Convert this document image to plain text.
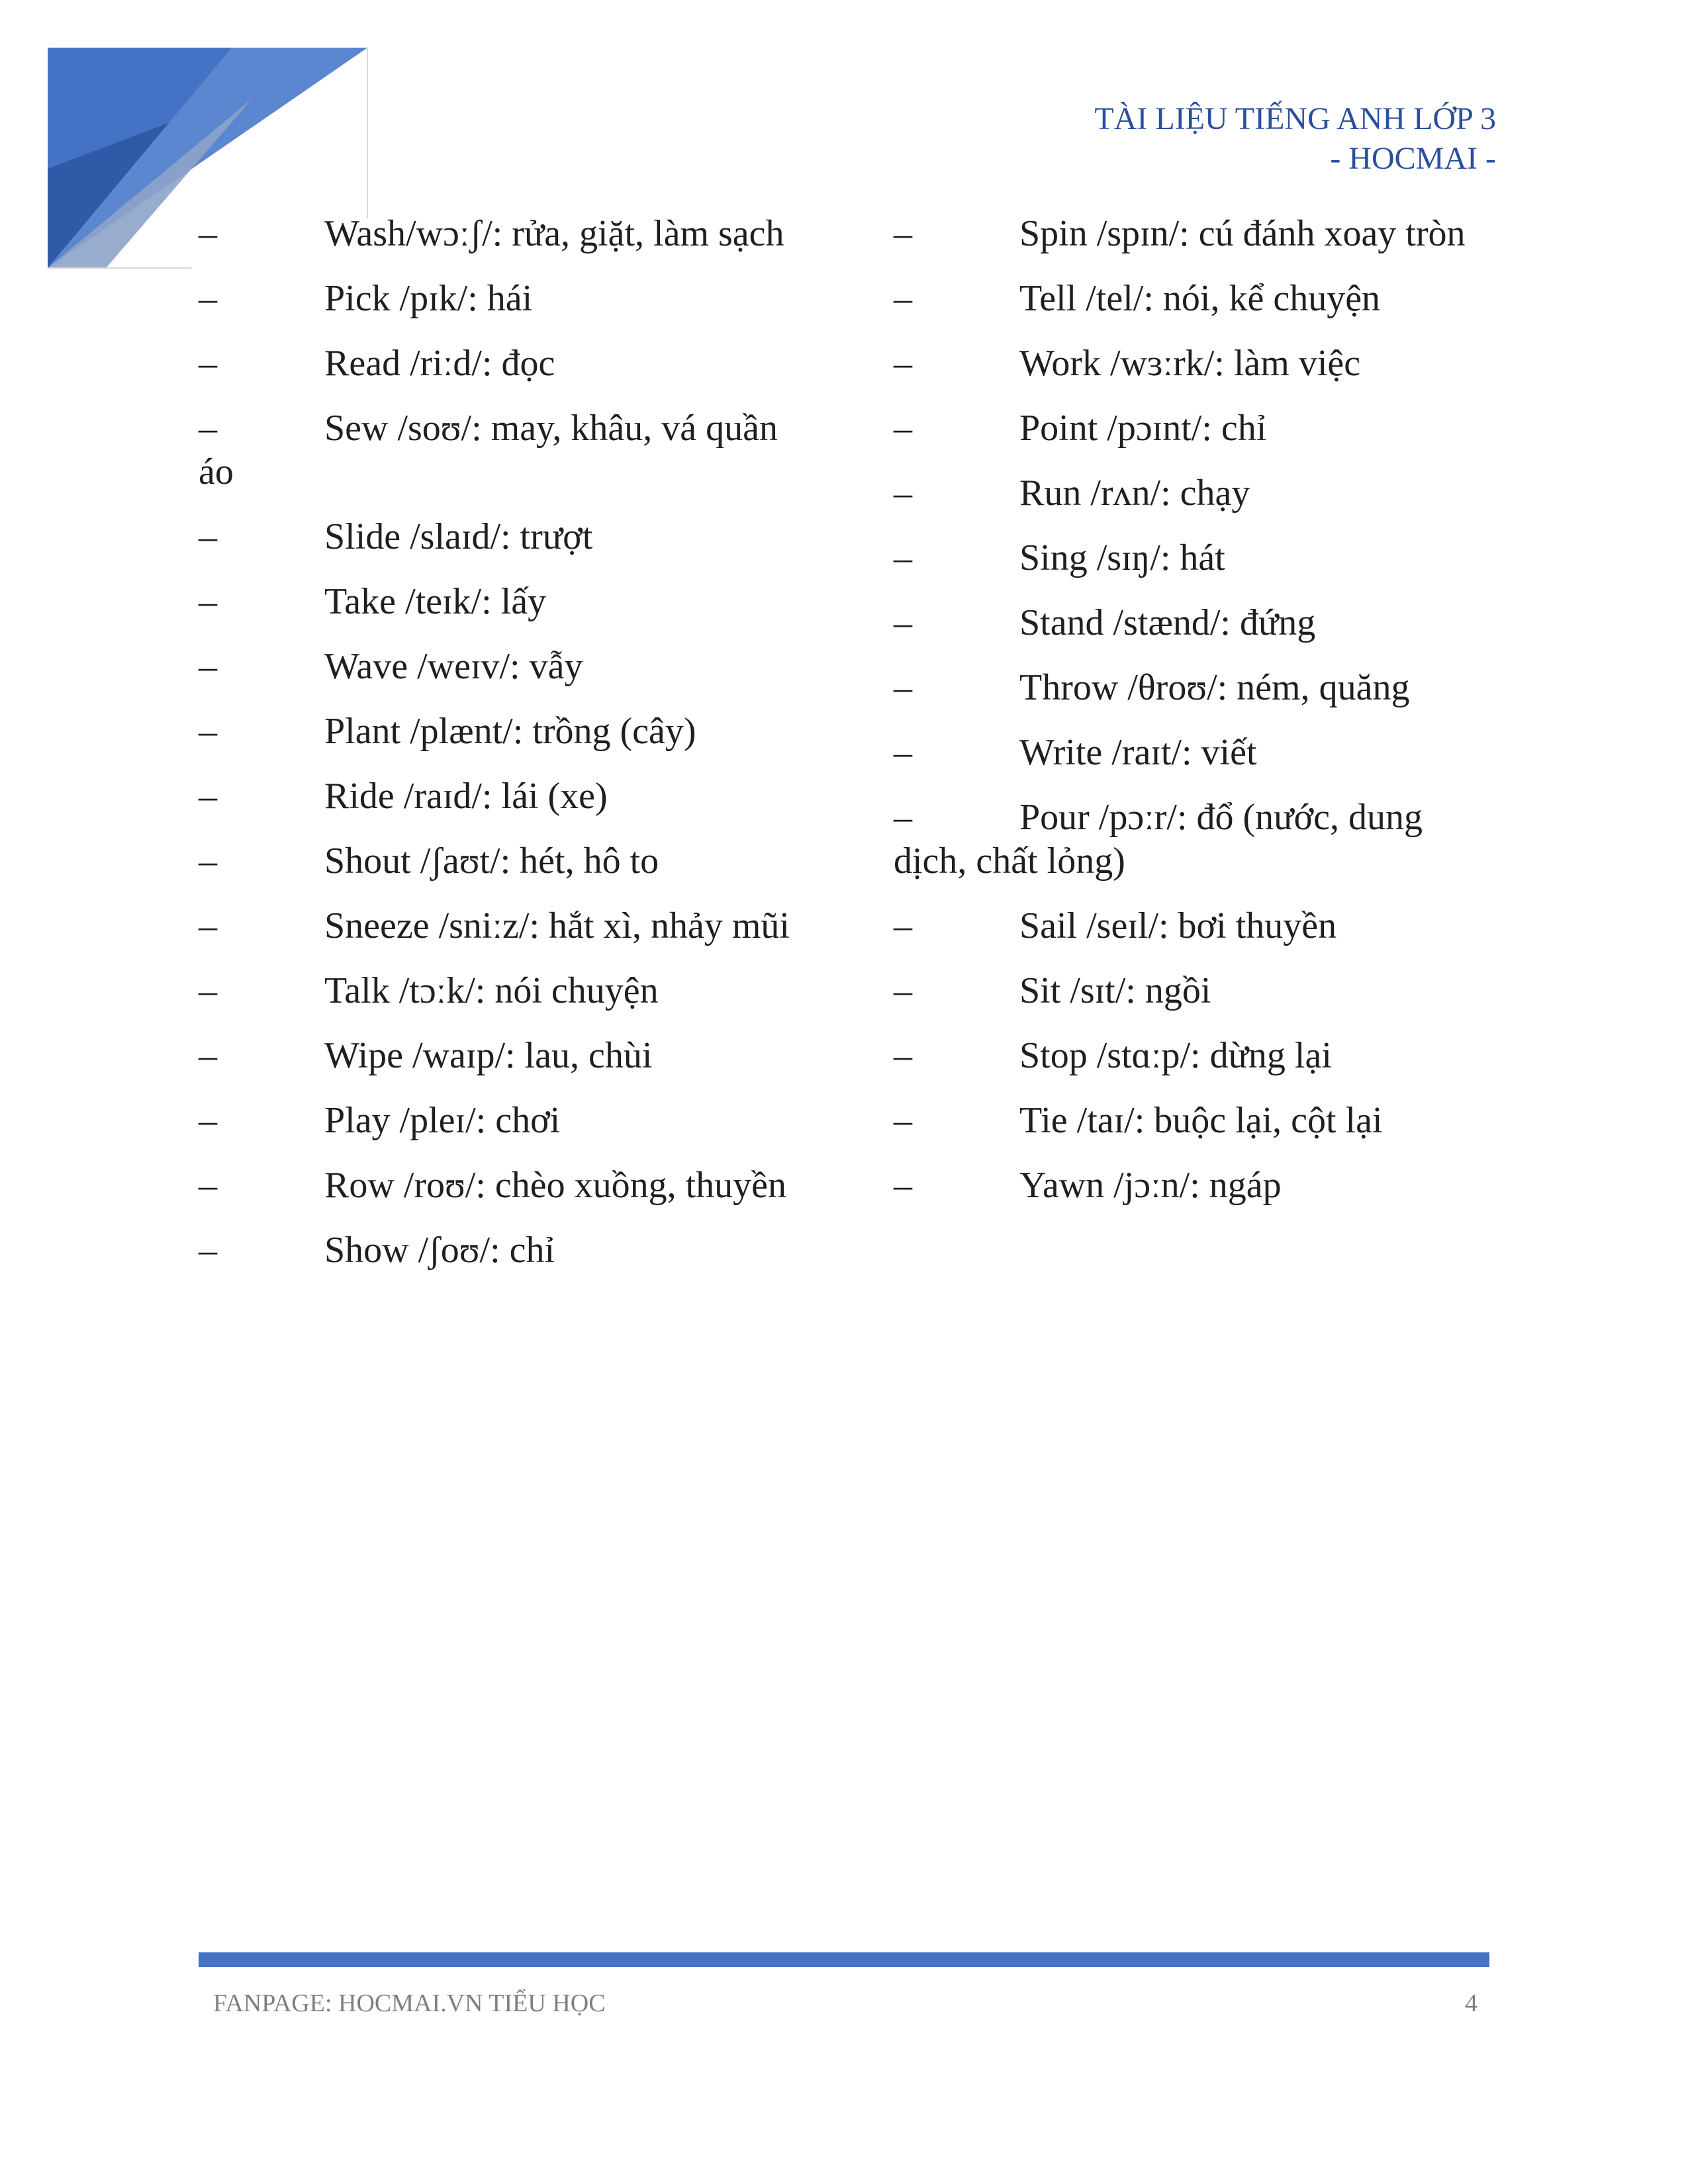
TÀI LIỆU TIẾNG ANH LỚP 3
- HOCMAI -
–	Wash/wɔːʃ/: rửa, giặt, làm sạch
–	Pick /pɪk/: hái
–	Read /riːd/: đọc
–	Sew /soʊ/: may, khâu, vá quần
áo
–	Slide /slaɪd/: trượt
–	Take /teɪk/: lấy
–	Wave /weɪv/: vẫy
–	Plant /plænt/: trồng (cây)
–	Ride /raɪd/: lái (xe)
–	Shout /ʃaʊt/: hét, hô to
–	Sneeze /sniːz/: hắt xì, nhảy mũi
–	Talk /tɔːk/: nói chuyện
–	Wipe /waɪp/: lau, chùi
–	Play /pleɪ/: chơi
–	Row /roʊ/: chèo xuồng, thuyền
–	Show /ʃoʊ/: chỉ
–	Spin /spɪn/: cú đánh xoay tròn
–	Tell /tel/: nói, kể chuyện
–	Work /wɜːrk/: làm việc
–	Point /pɔɪnt/: chỉ
–	Run /rʌn/: chạy
–	Sing /sɪŋ/: hát
–	Stand /stænd/: đứng
–	Throw /θroʊ/: ném, quăng
–	Write /raɪt/: viết
–	Pour /pɔːr/: đổ (nước, dung
dịch, chất lỏng)
–	Sail /seɪl/: bơi thuyền
–	Sit /sɪt/: ngồi
–	Stop /stɑːp/: dừng lại
–	Tie /taɪ/: buộc lại, cột lại
–	Yawn /jɔːn/: ngáp
FANPAGE: HOCMAI.VN TIỂU HỌC	4
